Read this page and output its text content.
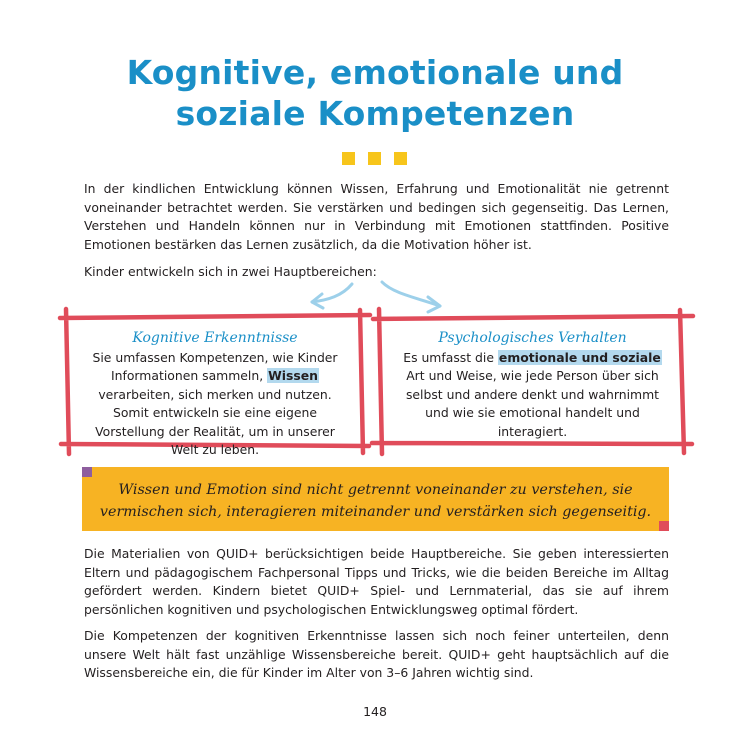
Kognitive, emotionale und
soziale Kompetenzen

In der kindlichen Entwicklung können Wissen, Erfahrung und Emotionalität nie getrennt voneinander betrachtet werden. Sie verstärken und bedingen sich gegenseitig. Das Lernen, Verstehen und Handeln können nur in Verbindung mit Emotionen stattfinden. Positive Emotionen bestärken das Lernen zusätzlich, da die Motivation höher ist.

Kinder entwickeln sich in zwei Hauptbereichen:

Kognitive Erkenntnisse
Sie umfassen Kompetenzen, wie Kinder Informationen sammeln, Wissen verarbeiten, sich merken und nutzen. Somit entwickeln sie eine eigene Vorstellung der Realität, um in unserer Welt zu leben.
Psychologisches Verhalten
Es umfasst die emotionale und soziale Art und Weise, wie jede Person über sich selbst und andere denkt und wahrnimmt und wie sie emotional handelt und interagiert.
Wissen und Emotion sind nicht getrennt voneinander zu verstehen, sie vermischen sich, interagieren miteinander und verstärken sich gegenseitig.

Die Materialien von QUID+ berücksichtigen beide Hauptbereiche. Sie geben interessierten Eltern und pädagogischem Fachpersonal Tipps und Tricks, wie die beiden Bereiche im Alltag gefördert werden. Kindern bietet QUID+ Spiel- und Lernmaterial, das sie auf ihrem persönlichen kognitiven und psychologischen Entwicklungsweg optimal fördert.

Die Kompetenzen der kognitiven Erkenntnisse lassen sich noch feiner unterteilen, denn unsere Welt hält fast unzählige Wissensbereiche bereit. QUID+ geht hauptsächlich auf die Wissensbereiche ein, die für Kinder im Alter von 3–6 Jahren wichtig sind.

148
